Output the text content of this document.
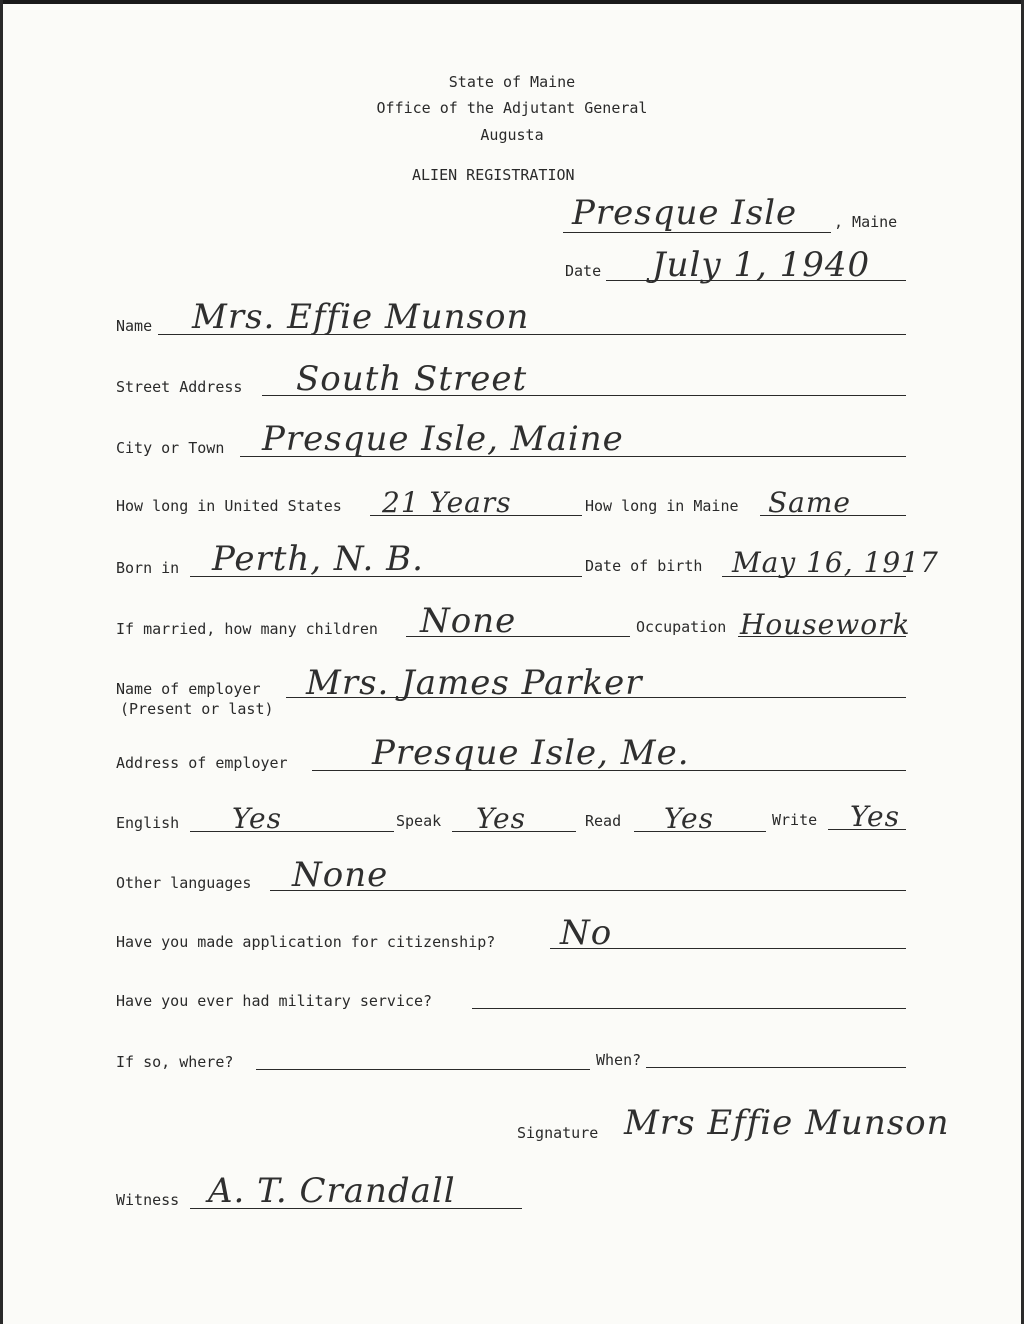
State of Maine
Office of the Adjutant General
Augusta
ALIEN REGISTRATION
Presque Isle , Maine
Date July 1, 1940
Name Mrs. Effie Munson
Street Address South Street
City or Town Presque Isle, Maine
How long in United States 21 Years	How long in Maine Same
Born in Perth, N. B.	Date of birth May 16, 1917
If married, how many children None	Occupation Housework
Name of employer
(Present or last)
Mrs. James Parker
Address of employer Presque Isle, Me.
English Yes	Speak Yes	Read Yes	Write Yes
Other languages None
Have you made application for citizenship? No
Have you ever had military service?
If so, where?	When?
Signature Mrs Effie Munson
Witness A. T. Crandall
